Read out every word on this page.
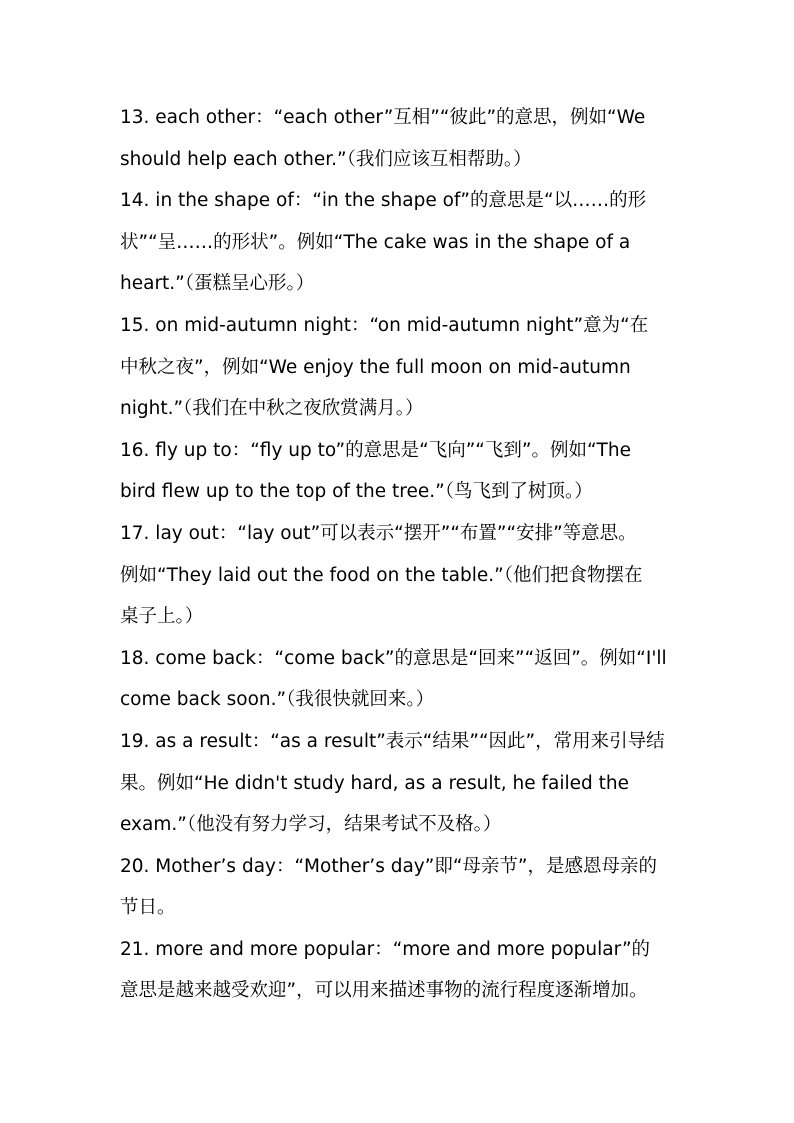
13. each other：“each other”互相”“彼此”的意思，例如“We
should help each other.”（我们应该互相帮助。）
14. in the shape of：“in the shape of”的意思是“以……的形
状”“呈……的形状”。例如“The cake was in the shape of a
heart.”（蛋糕呈心形。）
15. on mid-autumn night：“on mid-autumn night”意为“在
中秋之夜”，例如“We enjoy the full moon on mid-autumn
night.”（我们在中秋之夜欣赏满月。）
16. fly up to：“fly up to”的意思是“飞向”“飞到”。例如“The
bird flew up to the top of the tree.”（鸟飞到了树顶。）
17. lay out：“lay out”可以表示“摆开”“布置”“安排”等意思。
例如“They laid out the food on the table.”（他们把食物摆在
桌子上。）
18. come back：“come back”的意思是“回来”“返回”。例如“I'll
come back soon.”（我很快就回来。）
19. as a result：“as a result”表示“结果”“因此”，常用来引导结
果。例如“He didn't study hard, as a result, he failed the
exam.”（他没有努力学习，结果考试不及格。）
20. Mother’s day：“Mother’s day”即“母亲节”，是感恩母亲的
节日。
21. more and more popular：“more and more popular”的
意思是越来越受欢迎”，可以用来描述事物的流行程度逐渐增加。
